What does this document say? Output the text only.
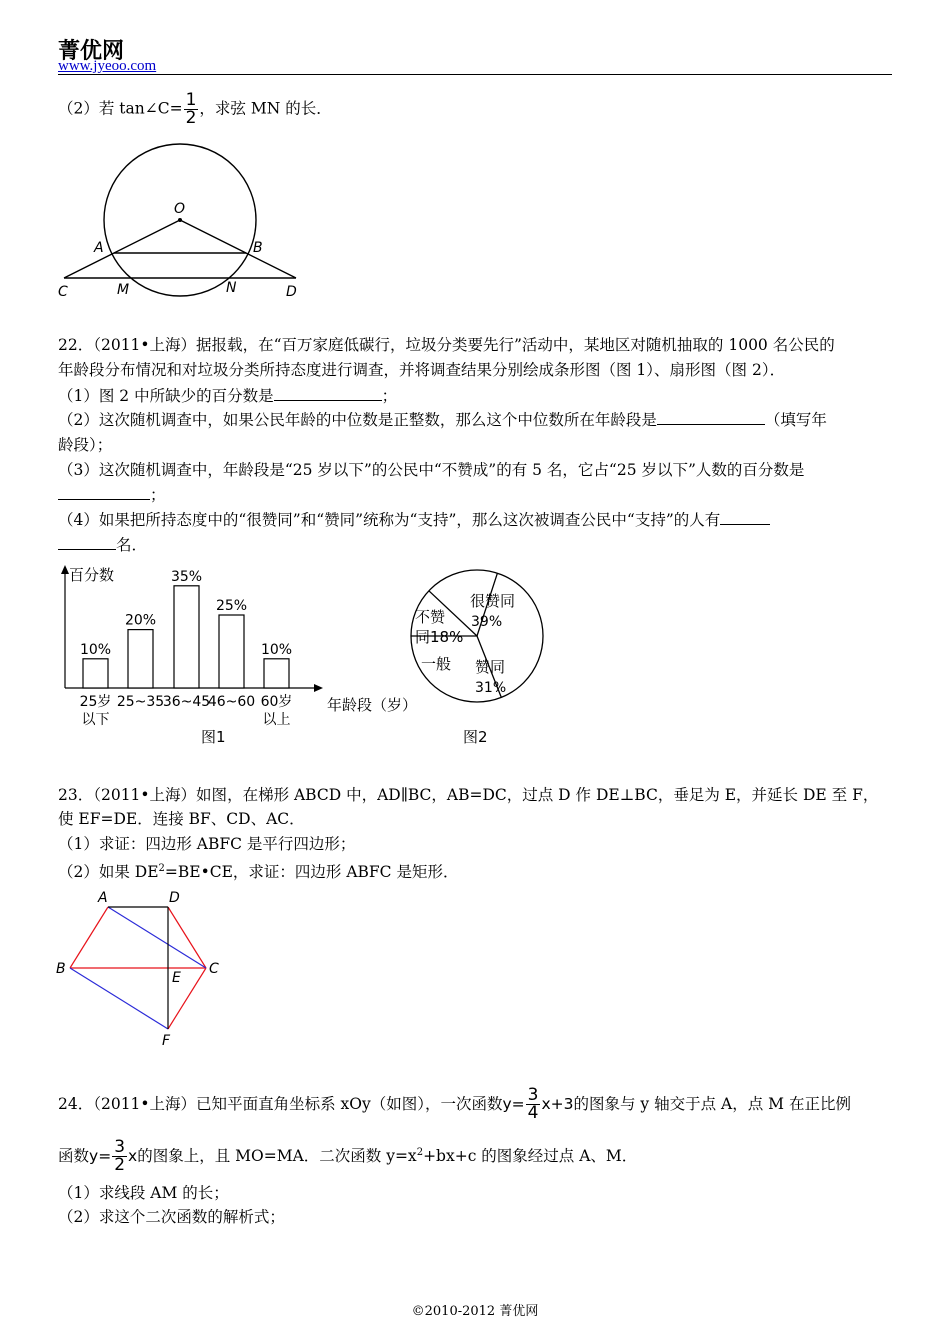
菁优网
www.jyeoo.com
（2）若 tan∠C= $\frac{1}{2}$ ，求弦 MN 的长．
O
A	B
C	M	N	D
22．（2011•上海）据报载，在“百万家庭低碳行，垃圾分类要先行”活动中，某地区对随机抽取的 1000 名公民的
年龄段分布情况和对垃圾分类所持态度进行调查，并将调查结果分别绘成条形图（图 1）、扇形图（图 2）．
（1）图 2 中所缺少的百分数是	；
（2）这次随机调查中，如果公民年龄的中位数是正整数，那么这个中位数所在年龄段是	（填写年
龄段）；
（3）这次随机调查中，年龄段是“25 岁以下”的公民中“不赞成”的有 5 名，它占“25 岁以下”人数的百分数是
；
（4）如果把所持态度中的“很赞同”和“赞同”统称为“支持”，那么这次被调查公民中“支持”的人有
名．
百分数
年龄段（岁）
图1
10%
25岁
以下
20%
25~35
35%
36~45
25%
46~60
10%
60岁
以上
不赞
同18%
很赞同
39%
赞同
31%
一般
图2
23．（2011•上海）如图，在梯形 ABCD 中，AD∥BC，AB=DC，过点 D 作 DE⊥BC，垂足为 E，并延长 DE 至 F，
使 EF=DE．连接 BF、CD、AC．
（1）求证：四边形 ABFC 是平行四边形；
（2）如果 $DE^2=BE•CE$，求证：四边形 ABFC 是矩形．
A	D
B
E
C
F
24．（2011•上海）已知平面直角坐标系 xOy（如图），一次函数$y= \frac{3}{4} x+3$的图象与 y 轴交于点 A，点 M 在正比例
函数$y= \frac{3}{2}$ x的图象上，且 MO=MA．二次函数 $y=x^2+bx+c$ 的图象经过点 A、M．
（1）求线段 AM 的长；
（2）求这个二次函数的解析式；
©2010-2012 菁优网
